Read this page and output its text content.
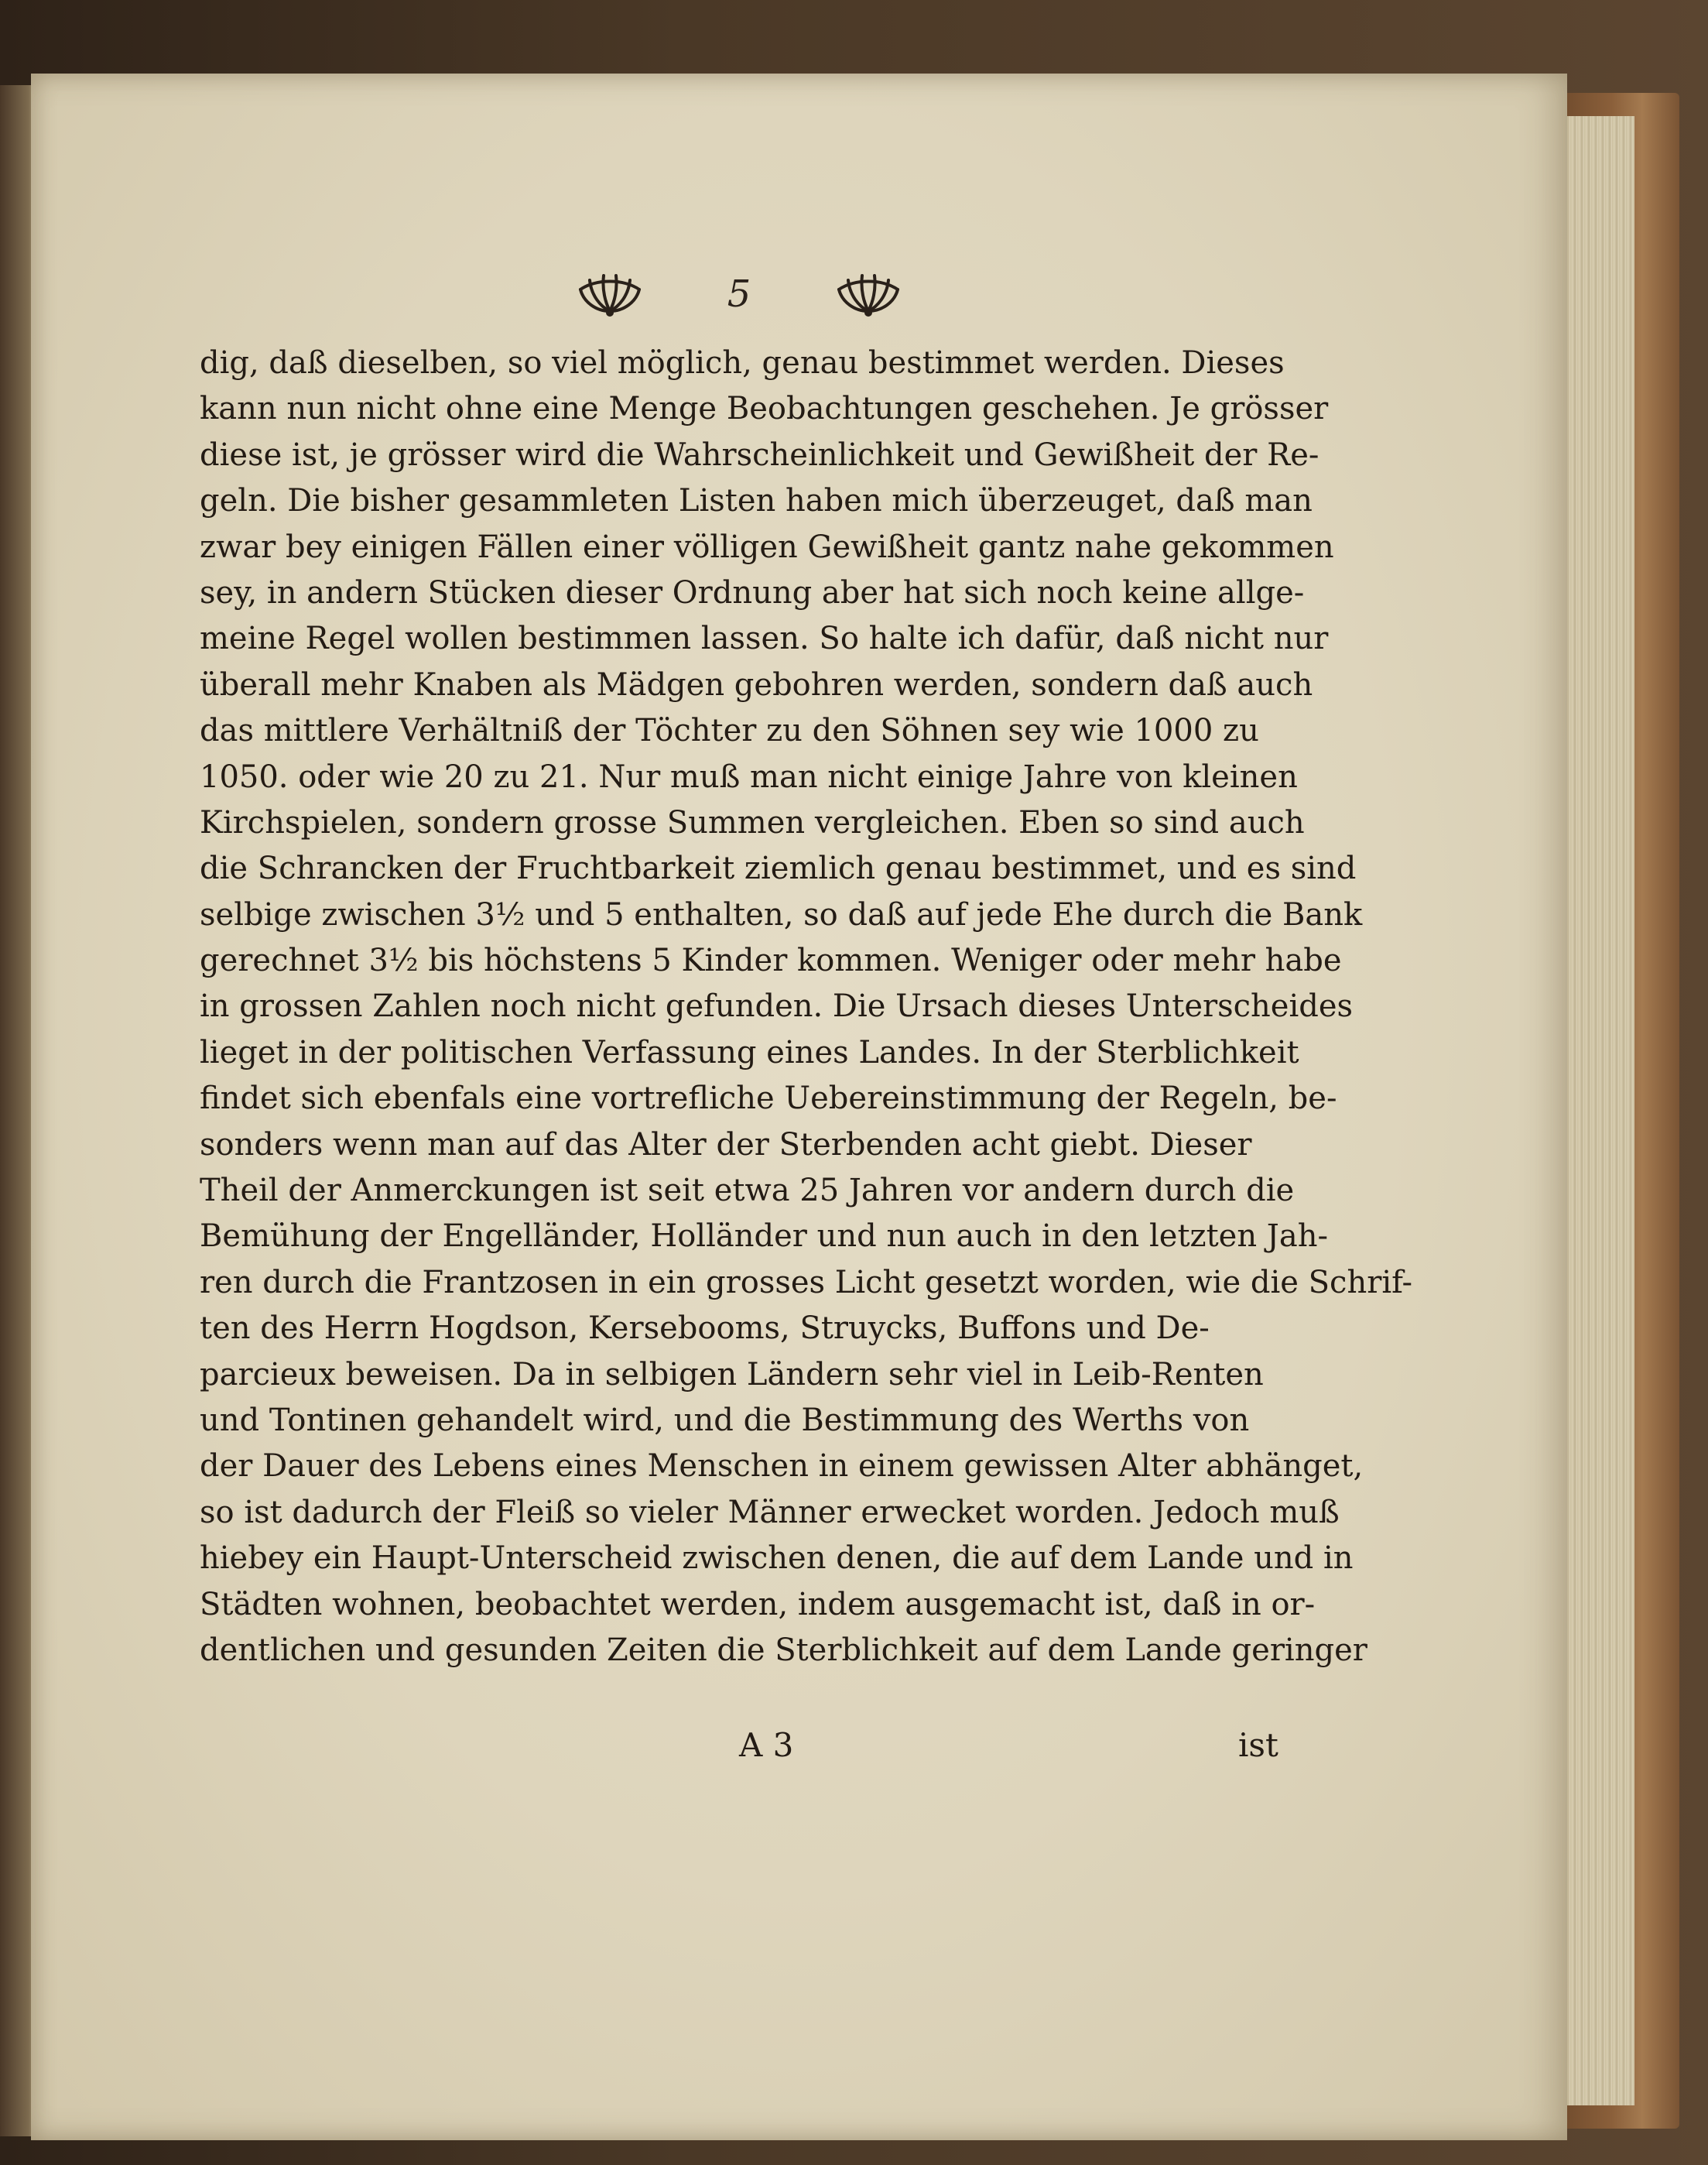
5
dig, daß dieselben, so viel möglich, genau bestimmet werden. Dieses
kann nun nicht ohne eine Menge Beobachtungen geschehen. Je grösser
diese ist, je grösser wird die Wahrscheinlichkeit und Gewißheit der Re-
geln. Die bisher gesammleten Listen haben mich überzeuget, daß man
zwar bey einigen Fällen einer völligen Gewißheit gantz nahe gekommen
sey, in andern Stücken dieser Ordnung aber hat sich noch keine allge-
meine Regel wollen bestimmen lassen. So halte ich dafür, daß nicht nur
überall mehr Knaben als Mädgen gebohren werden, sondern daß auch
das mittlere Verhältniß der Töchter zu den Söhnen sey wie 1000 zu
1050. oder wie 20 zu 21. Nur muß man nicht einige Jahre von kleinen
Kirchspielen, sondern grosse Summen vergleichen. Eben so sind auch
die Schrancken der Fruchtbarkeit ziemlich genau bestimmet, und es sind
selbige zwischen 3½ und 5 enthalten, so daß auf jede Ehe durch die Bank
gerechnet 3½ bis höchstens 5 Kinder kommen. Weniger oder mehr habe
in grossen Zahlen noch nicht gefunden. Die Ursach dieses Unterscheides
lieget in der politischen Verfassung eines Landes. In der Sterblichkeit
findet sich ebenfals eine vortrefliche Uebereinstimmung der Regeln, be-
sonders wenn man auf das Alter der Sterbenden acht giebt. Dieser
Theil der Anmerckungen ist seit etwa 25 Jahren vor andern durch die
Bemühung der Engelländer, Holländer und nun auch in den letzten Jah-
ren durch die Frantzosen in ein grosses Licht gesetzt worden, wie die Schrif-
ten des Herrn Hogdson, Kersebooms, Struycks, Buffons und De-
parcieux beweisen. Da in selbigen Ländern sehr viel in Leib-Renten
und Tontinen gehandelt wird, und die Bestimmung des Werths von
der Dauer des Lebens eines Menschen in einem gewissen Alter abhänget,
so ist dadurch der Fleiß so vieler Männer erwecket worden. Jedoch muß
hiebey ein Haupt-Unterscheid zwischen denen, die auf dem Lande und in
Städten wohnen, beobachtet werden, indem ausgemacht ist, daß in or-
dentlichen und gesunden Zeiten die Sterblichkeit auf dem Lande geringer
A 3	ist
